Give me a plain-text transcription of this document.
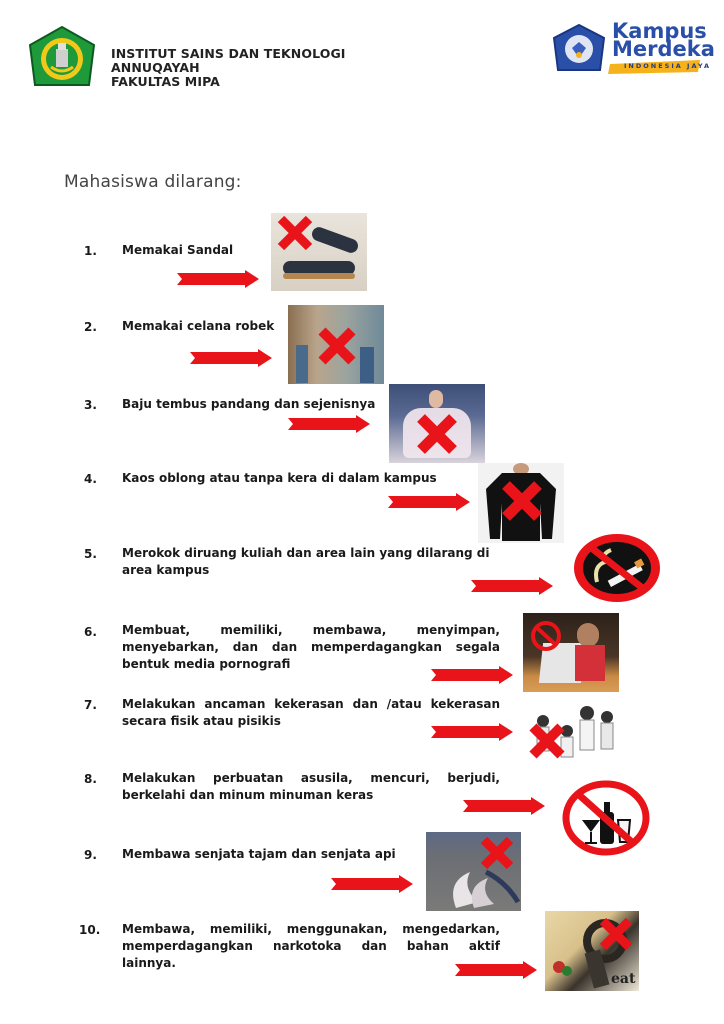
INSTITUT SAINS DAN TEKNOLOGI
ANNUQAYAH
FAKULTAS MIPA
Kampus
Merdeka
INDONESIA JAYA
Mahasiswa dilarang:
1. Memakai Sandal
2. Memakai celana robek
3. Baju tembus pandang dan sejenisnya
4. Kaos oblong atau tanpa kera di dalam kampus
5. Merokok diruang kuliah dan area lain yang dilarang di
area kampus
6. Membuat, memiliki, membawa, menyimpan,
menyebarkan, dan dan memperdagangkan segala
bentuk media pornografi
7. Melakukan ancaman kekerasan dan /atau kekerasan
secara fisik atau pisikis
8. Melakukan perbuatan asusila, mencuri, berjudi,
berkelahi dan minum minuman keras
9. Membawa senjata tajam dan senjata api
10. Membawa, memiliki, menggunakan, mengedarkan,
memperdagangkan narkotoka dan bahan aktif
lainnya.
eat
